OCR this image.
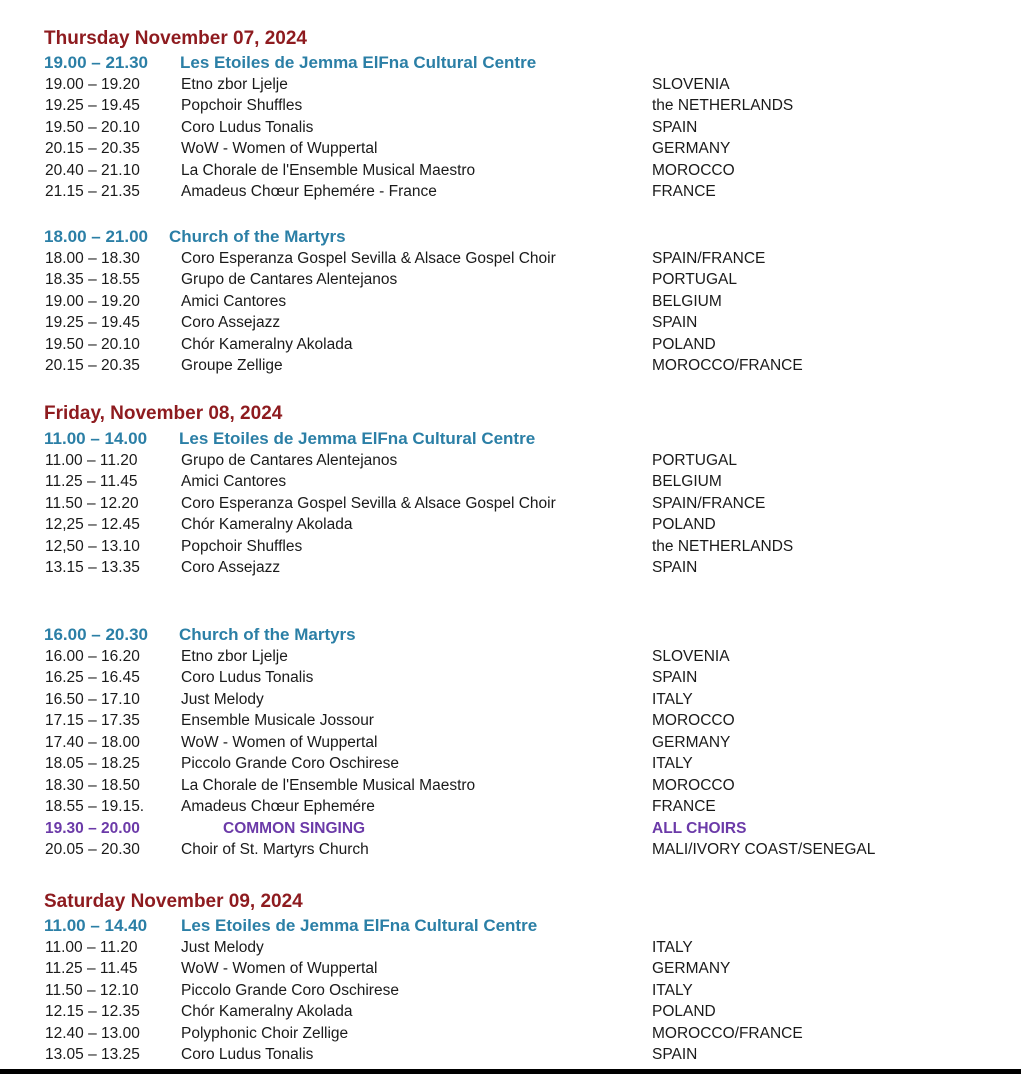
Thursday November 07, 2024
19.00 – 21.30 Les Etoiles de Jemma ElFna Cultural Centre
19.00 – 19.20	Etno zbor Ljelje	SLOVENIA
19.25 – 19.45	Popchoir Shuffles	the NETHERLANDS
19.50 – 20.10	Coro Ludus Tonalis	SPAIN
20.15 – 20.35	WoW - Women of Wuppertal	GERMANY
20.40 – 21.10	La Chorale de l'Ensemble Musical Maestro	MOROCCO
21.15 – 21.35	Amadeus Chœur Ephemére - France	FRANCE
18.00 – 21.00 Church of the Martyrs
18.00 – 18.30	Coro Esperanza Gospel Sevilla & Alsace Gospel Choir	SPAIN/FRANCE
18.35 – 18.55	Grupo de Cantares Alentejanos	PORTUGAL
19.00 – 19.20	Amici Cantores	BELGIUM
19.25 – 19.45	Coro Assejazz	SPAIN
19.50 – 20.10	Chór Kameralny Akolada	POLAND
20.15 – 20.35	Groupe Zellige	MOROCCO/FRANCE
Friday, November 08, 2024
11.00 – 14.00 Les Etoiles de Jemma ElFna Cultural Centre
11.00 – 11.20	Grupo de Cantares Alentejanos	PORTUGAL
11.25 – 11.45	Amici Cantores	BELGIUM
11.50 – 12.20	Coro Esperanza Gospel Sevilla & Alsace Gospel Choir	SPAIN/FRANCE
12,25 – 12.45	Chór Kameralny Akolada	POLAND
12,50 – 13.10	Popchoir Shuffles	the NETHERLANDS
13.15 – 13.35	Coro Assejazz	SPAIN
16.00 – 20.30 Church of the Martyrs
16.00 – 16.20	Etno zbor Ljelje	SLOVENIA
16.25 – 16.45	Coro Ludus Tonalis	SPAIN
16.50 – 17.10	Just Melody	ITALY
17.15 – 17.35	Ensemble Musicale Jossour	MOROCCO
17.40 – 18.00	WoW - Women of Wuppertal	GERMANY
18.05 – 18.25	Piccolo Grande Coro Oschirese	ITALY
18.30 – 18.50	La Chorale de l'Ensemble Musical Maestro	MOROCCO
18.55 – 19.15. Amadeus Chœur Ephemére	FRANCE
19.30 – 20.00	COMMON SINGING	ALL CHOIRS
20.05 – 20.30	Choir of St. Martyrs Church	MALI/IVORY COAST/SENEGAL
Saturday November 09, 2024
11.00 – 14.40 Les Etoiles de Jemma ElFna Cultural Centre
11.00 – 11.20	Just Melody	ITALY
11.25 – 11.45	WoW - Women of Wuppertal	GERMANY
11.50 – 12.10	Piccolo Grande Coro Oschirese	ITALY
12.15 – 12.35	Chór Kameralny Akolada	POLAND
12.40 – 13.00	Polyphonic Choir Zellige	MOROCCO/FRANCE
13.05 – 13.25	Coro Ludus Tonalis	SPAIN
